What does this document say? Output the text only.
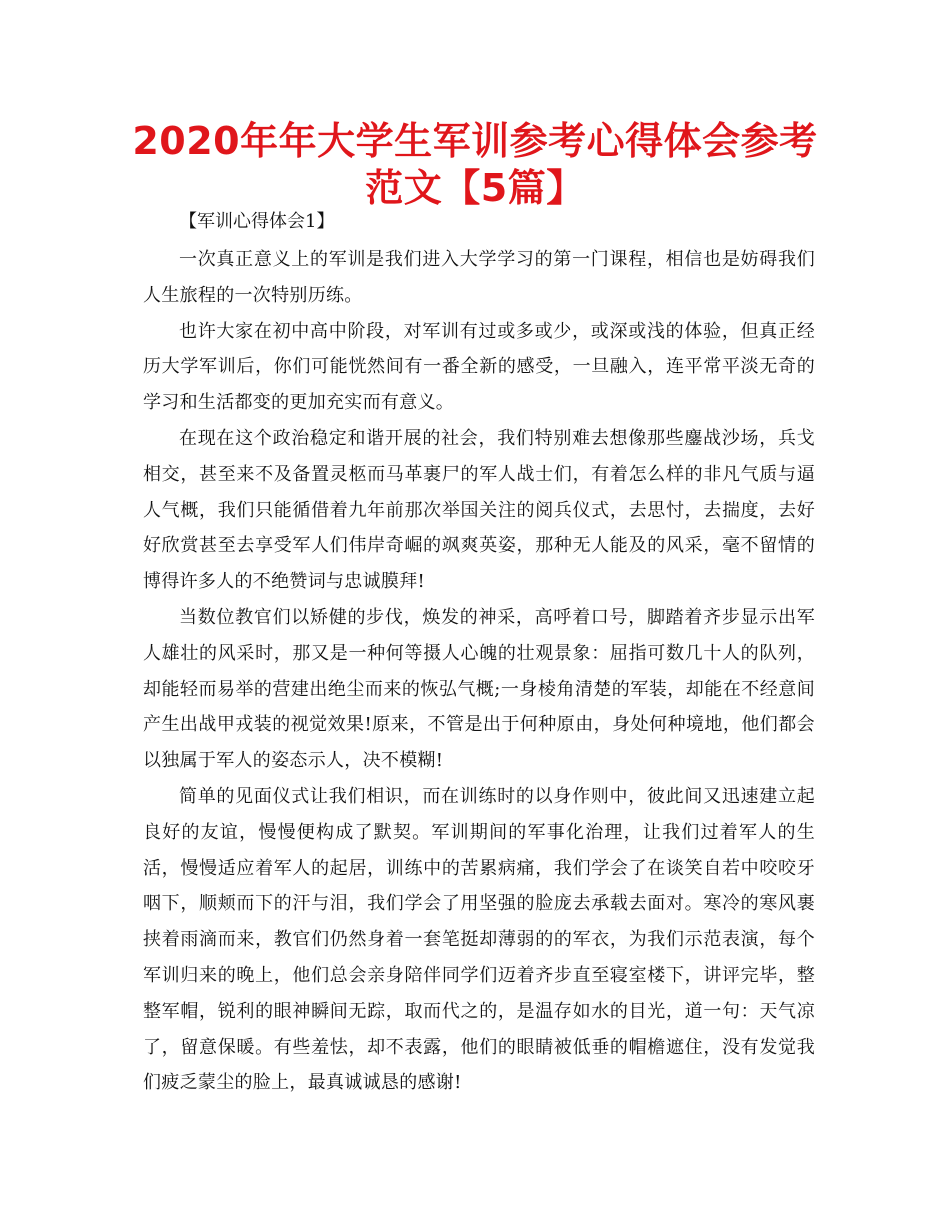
2020年年大学生军训参考心得体会参考范文【5篇】

【军训心得体会1】

一次真正意义上的军训是我们进入大学学习的第一门课程，相信也是妨碍我们人生旅程的一次特别历练。

也许大家在初中高中阶段，对军训有过或多或少，或深或浅的体验，但真正经历大学军训后，你们可能恍然间有一番全新的感受，一旦融入，连平常平淡无奇的学习和生活都变的更加充实而有意义。

在现在这个政治稳定和谐开展的社会，我们特别难去想像那些鏖战沙场，兵戈相交，甚至来不及备置灵柩而马革裹尸的军人战士们，有着怎么样的非凡气质与逼人气概，我们只能循借着九年前那次举国关注的阅兵仪式，去思忖，去揣度，去好好欣赏甚至去享受军人们伟岸奇崛的飒爽英姿，那种无人能及的风采，毫不留情的博得许多人的不绝赞词与忠诚膜拜!

当数位教官们以矫健的步伐，焕发的神采，高呼着口号，脚踏着齐步显示出军人雄壮的风采时，那又是一种何等摄人心魄的壮观景象：屈指可数几十人的队列，却能轻而易举的营建出绝尘而来的恢弘气概;一身棱角清楚的军装，却能在不经意间产生出战甲戎装的视觉效果!原来，不管是出于何种原由，身处何种境地，他们都会以独属于军人的姿态示人，决不模糊!

简单的见面仪式让我们相识，而在训练时的以身作则中，彼此间又迅速建立起良好的友谊，慢慢便构成了默契。军训期间的军事化治理，让我们过着军人的生活，慢慢适应着军人的起居，训练中的苦累病痛，我们学会了在谈笑自若中咬咬牙咽下，顺颊而下的汗与泪，我们学会了用坚强的脸庞去承载去面对。寒冷的寒风裹挟着雨滴而来，教官们仍然身着一套笔挺却薄弱的的军衣，为我们示范表演，每个军训归来的晚上，他们总会亲身陪伴同学们迈着齐步直至寝室楼下，讲评完毕，整整军帽，锐利的眼神瞬间无踪，取而代之的，是温存如水的目光，道一句：天气凉了，留意保暖。有些羞怯，却不表露，他们的眼睛被低垂的帽檐遮住，没有发觉我们疲乏蒙尘的脸上，最真诚诚恳的感谢!
